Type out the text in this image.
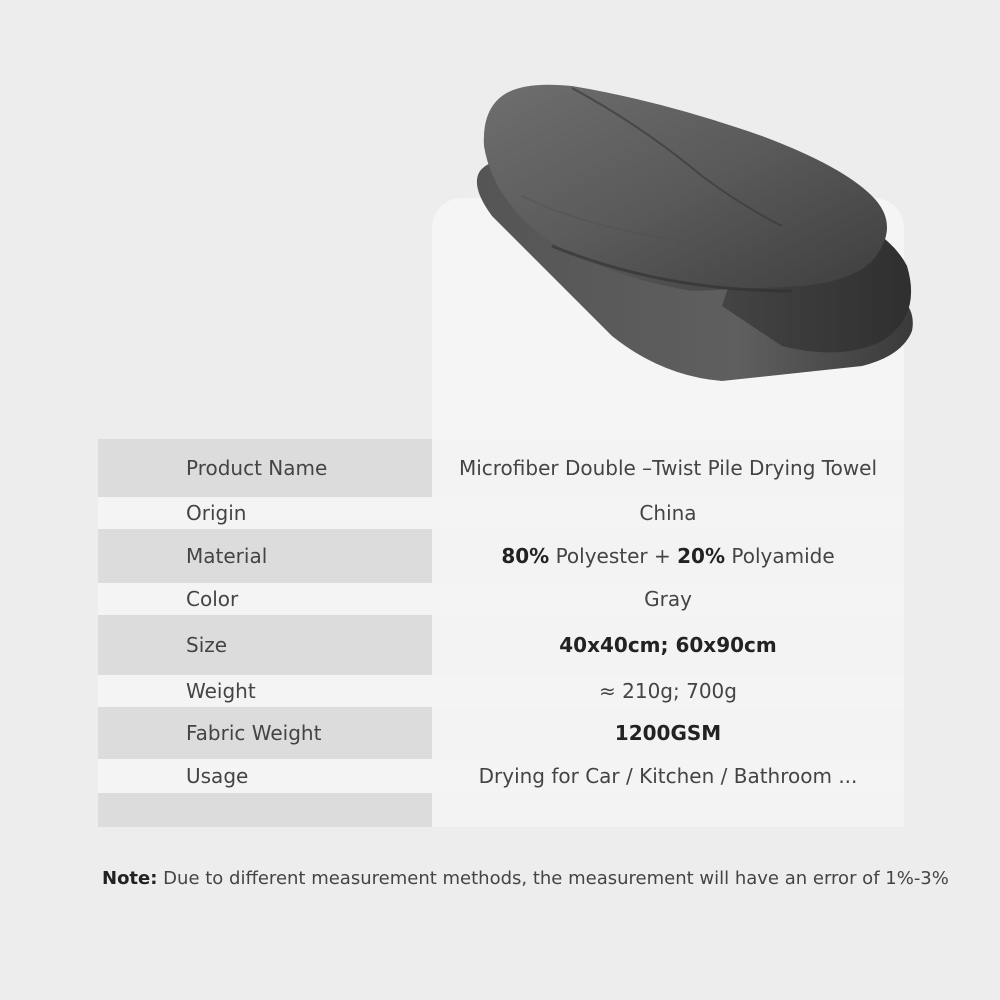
Product Name	Microfiber Double –Twist Pile Drying Towel
Origin	China
Material	80% Polyester + 20% Polyamide
Color	Gray
Size	40x40cm; 60x90cm
Weight	≈ 210g; 700g
Fabric Weight	1200GSM
Usage	Drying for Car / Kitchen / Bathroom ...
Note: Due to different measurement methods, the measurement will have an error of 1%-3%
